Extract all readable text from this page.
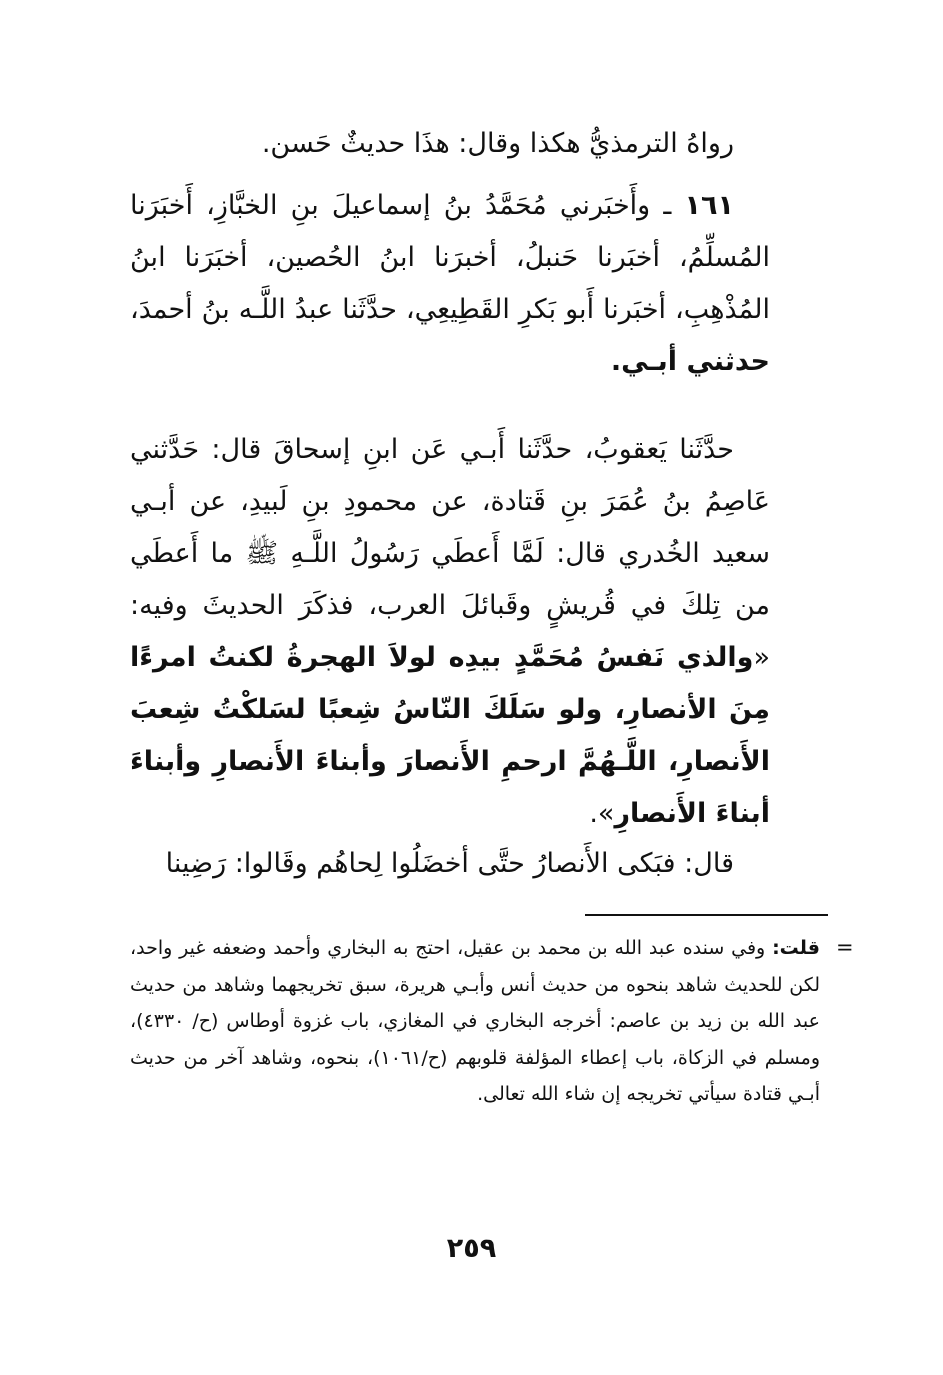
رواهُ الترمذيُّ هكذا وقال: هذَا حديثٌ حَسن.

١٦١ ـ وأَخبَرني مُحَمَّدُ بنُ إسماعيلَ بنِ الخبَّازِ، أَخبَرَنا المُسلِّمُ، أخبَرنا حَنبلُ، أخبرَنا ابنُ الحُصين، أخبَرَنا ابنُ المُذْهِبِ، أخبَرنا أَبو بَكرِ القَطِيعِي، حدَّثَنا عبدُ اللَّـه بنُ أحمدَ، حدثني أبـي.

حدَّثَنا يَعقوبُ، حدَّثَنا أَبـي عَن ابنِ إسحاقَ قال: حَدَّثني عَاصِمُ بنُ عُمَرَ بنِ قَتادة، عن محمودِ بنِ لَبيدِ، عن أبـي سعيد الخُدري قال: لَمَّا أَعطَي رَسُولُ اللَّـهِ ﷺ ما أَعطَي من تِلكَ في قُريشٍ وقَبائلَ العرب، فذكَرَ الحديثَ وفيه: «والذي نَفسُ مُحَمَّدٍ بيدِه لولاَ الهجرةُ لكنتُ امرءًا مِنَ الأنصارِ، ولو سَلَكَ النّاسُ شِعبًا لسَلكْتُ شِعبَ الأَنصارِ، اللَّـهُمَّ ارحمِ الأَنصارَ وأبناءَ الأَنصارِ وأبناءَ أبناءَ الأَنصارِ».

قال: فبَكى الأَنصارُ حتَّى أخضَلُوا لِحاهُم وقَالوا: رَضِينا

=

قلت: وفي سنده عبد الله بن محمد بن عقيل، احتج به البخاري وأحمد وضعفه غير واحد، لكن للحديث شاهد بنحوه من حديث أنس وأبـي هريرة، سبق تخريجهما وشاهد من حديث عبد الله بن زيد بن عاصم: أخرجه البخاري في المغازي، باب غزوة أوطاس (ح/ ٤٣٣٠)، ومسلم في الزكاة، باب إعطاء المؤلفة قلوبهم (ح/١٠٦١)، بنحوه، وشاهد آخر من حديث أبـي قتادة سيأتي تخريجه إن شاء الله تعالى.

٢٥٩
